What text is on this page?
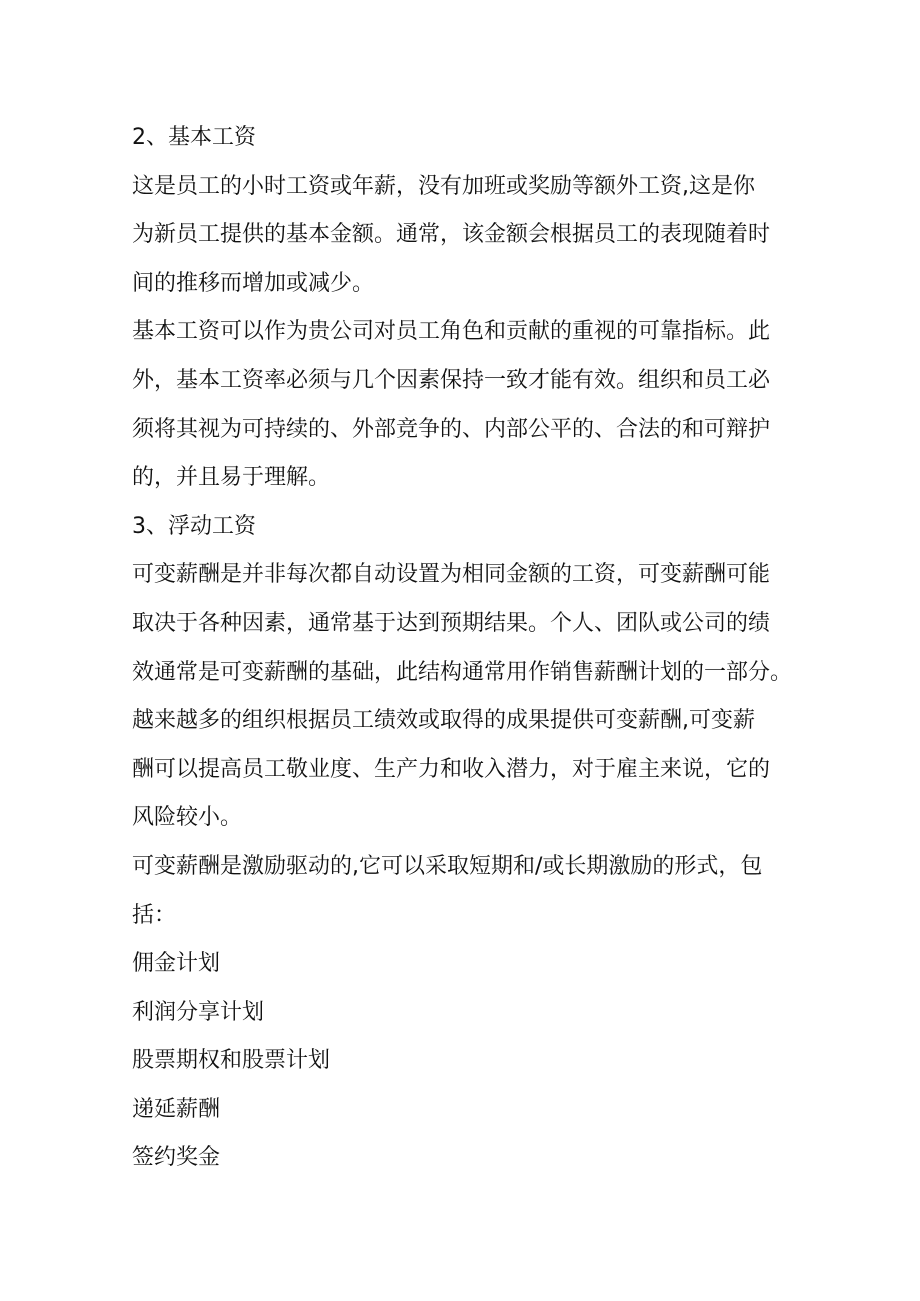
2、基本工资
这是员工的小时工资或年薪，没有加班或奖励等额外工资,这是你
为新员工提供的基本金额。通常，该金额会根据员工的表现随着时
间的推移而增加或减少。
基本工资可以作为贵公司对员工角色和贡献的重视的可靠指标。此
外，基本工资率必须与几个因素保持一致才能有效。组织和员工必
须将其视为可持续的、外部竞争的、内部公平的、合法的和可辩护
的，并且易于理解。
3、浮动工资
可变薪酬是并非每次都自动设置为相同金额的工资，可变薪酬可能
取决于各种因素，通常基于达到预期结果。个人、团队或公司的绩
效通常是可变薪酬的基础，此结构通常用作销售薪酬计划的一部分。
越来越多的组织根据员工绩效或取得的成果提供可变薪酬,可变薪
酬可以提高员工敬业度、生产力和收入潜力，对于雇主来说，它的
风险较小。
可变薪酬是激励驱动的,它可以采取短期和/或长期激励的形式，包
括：
佣金计划
利润分享计划
股票期权和股票计划
递延薪酬
签约奖金
